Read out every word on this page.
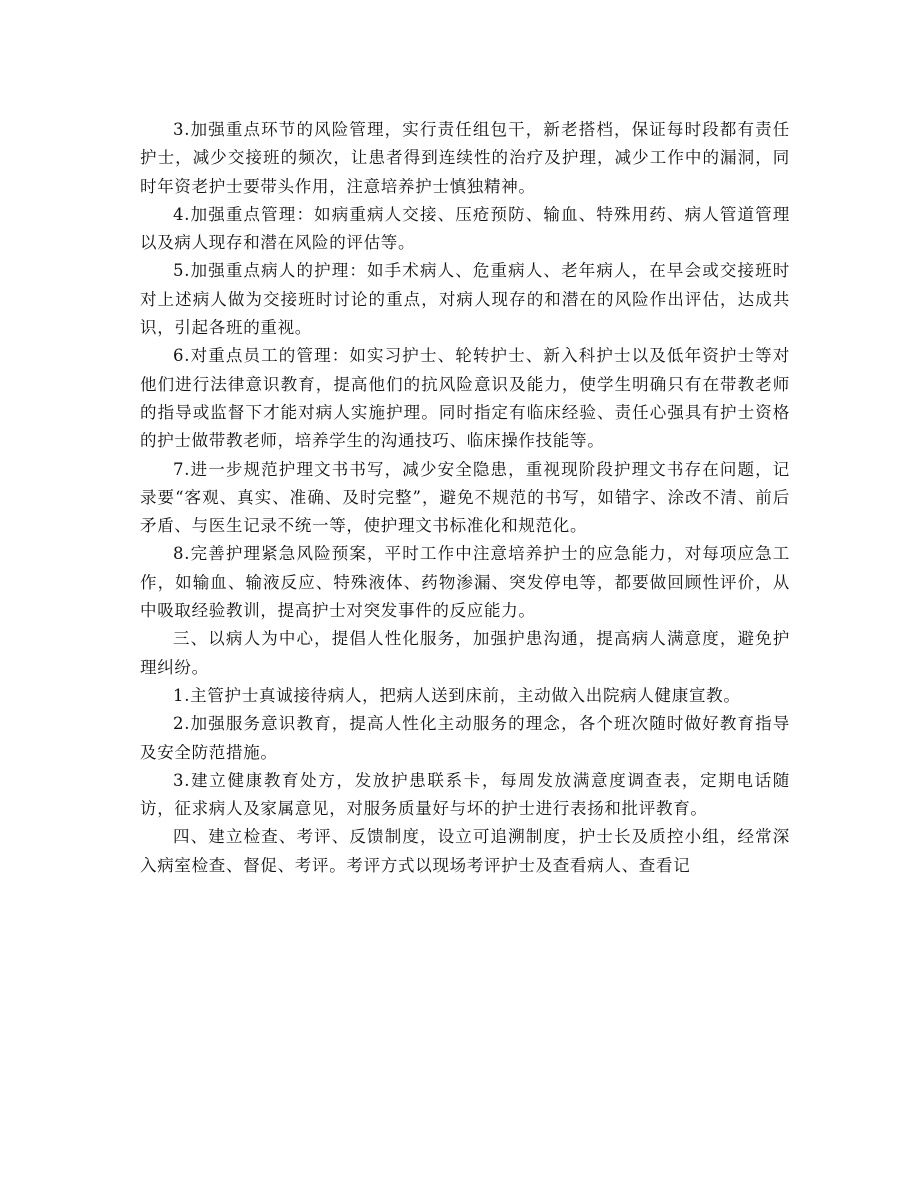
3.加强重点环节的风险管理，实行责任组包干，新老搭档，保证每时段都有责任护士，减少交接班的频次，让患者得到连续性的治疗及护理，减少工作中的漏洞，同时年资老护士要带头作用，注意培养护士慎独精神。

4.加强重点管理：如病重病人交接、压疮预防、输血、特殊用药、病人管道管理以及病人现存和潜在风险的评估等。

5.加强重点病人的护理：如手术病人、危重病人、老年病人，在早会或交接班时对上述病人做为交接班时讨论的重点，对病人现存的和潜在的风险作出评估，达成共识，引起各班的重视。

6.对重点员工的管理：如实习护士、轮转护士、新入科护士以及低年资护士等对他们进行法律意识教育，提高他们的抗风险意识及能力，使学生明确只有在带教老师的指导或监督下才能对病人实施护理。同时指定有临床经验、责任心强具有护士资格的护士做带教老师，培养学生的沟通技巧、临床操作技能等。

7.进一步规范护理文书书写，减少安全隐患，重视现阶段护理文书存在问题，记录要“客观、真实、准确、及时完整”，避免不规范的书写，如错字、涂改不清、前后矛盾、与医生记录不统一等，使护理文书标准化和规范化。

8.完善护理紧急风险预案，平时工作中注意培养护士的应急能力，对每项应急工作，如输血、输液反应、特殊液体、药物渗漏、突发停电等，都要做回顾性评价，从中吸取经验教训，提高护士对突发事件的反应能力。

三、以病人为中心，提倡人性化服务，加强护患沟通，提高病人满意度，避免护理纠纷。

1.主管护士真诚接待病人，把病人送到床前，主动做入出院病人健康宣教。

2.加强服务意识教育，提高人性化主动服务的理念，各个班次随时做好教育指导及安全防范措施。

3.建立健康教育处方，发放护患联系卡，每周发放满意度调查表，定期电话随访，征求病人及家属意见，对服务质量好与坏的护士进行表扬和批评教育。

四、建立检查、考评、反馈制度，设立可追溯制度，护士长及质控小组，经常深入病室检查、督促、考评。考评方式以现场考评护士及查看病人、查看记
